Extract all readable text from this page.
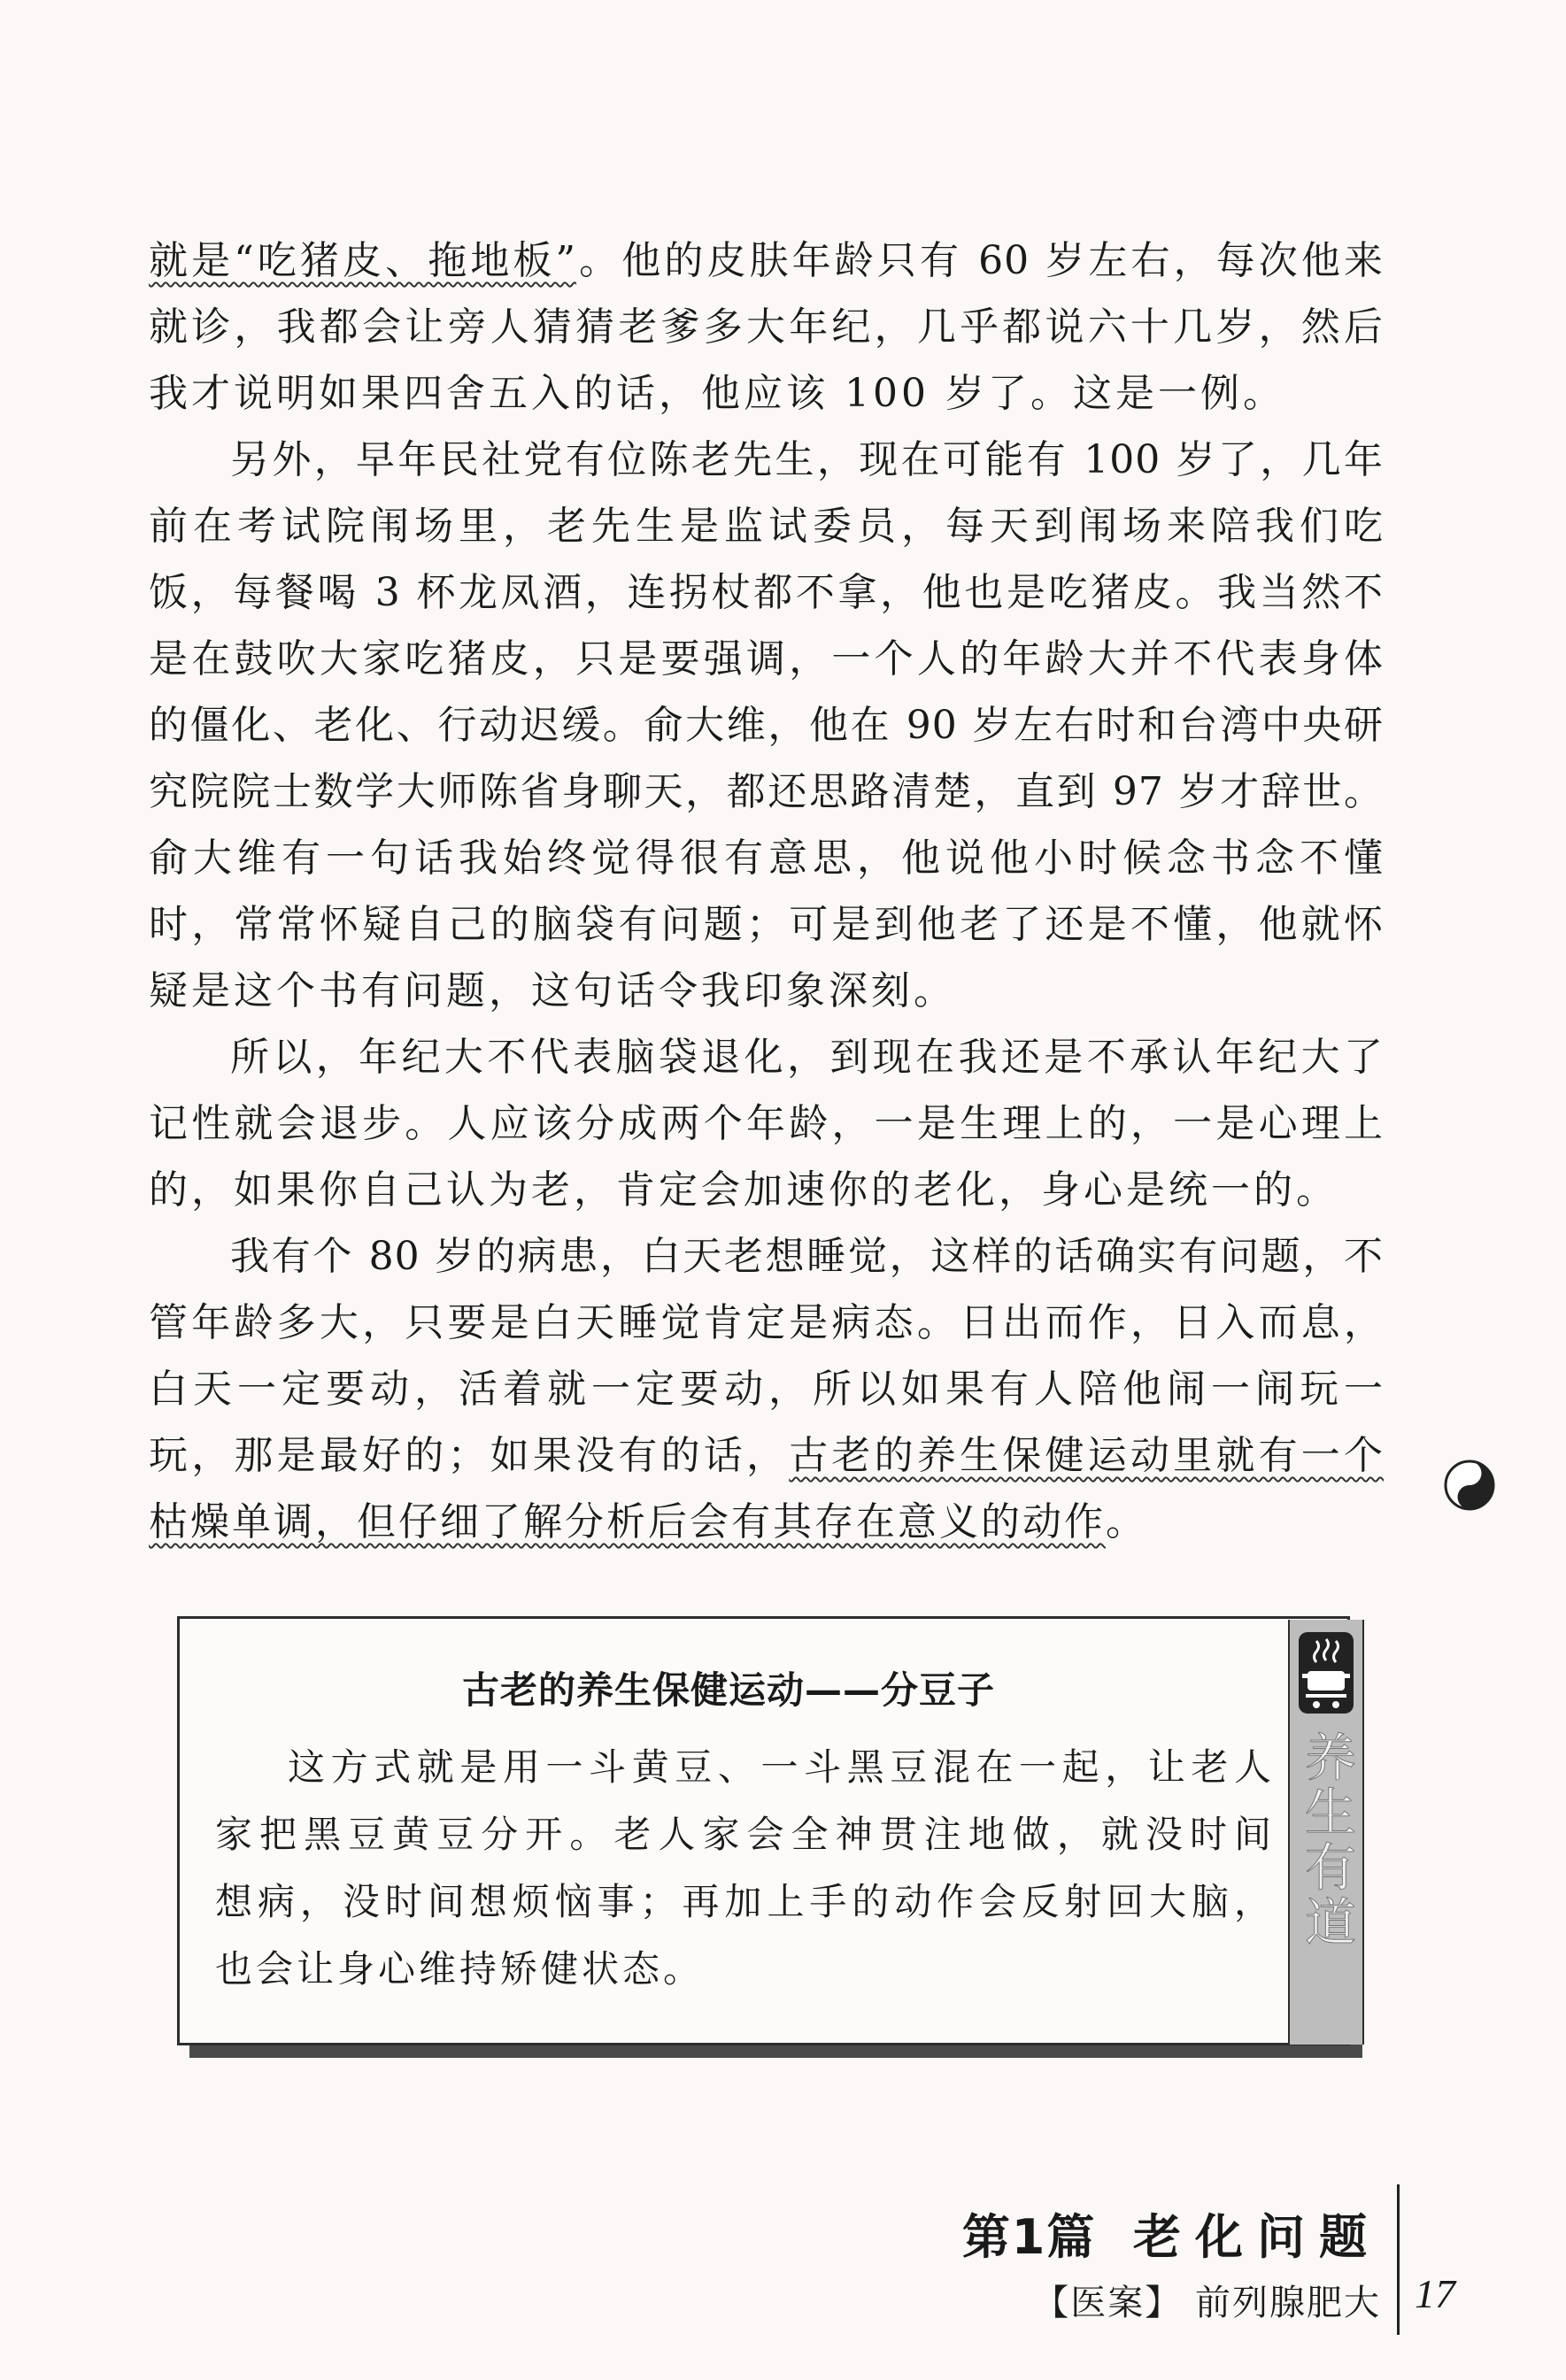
就是“吃猪皮、拖地板”。他的皮肤年龄只有 60 岁左右，每次他来
就诊，我都会让旁人猜猜老爹多大年纪，几乎都说六十几岁，然后
我才说明如果四舍五入的话，他应该 100 岁了。这是一例。
另外，早年民社党有位陈老先生，现在可能有 100 岁了，几年
前在考试院闱场里，老先生是监试委员，每天到闱场来陪我们吃
饭，每餐喝 3 杯龙凤酒，连拐杖都不拿，他也是吃猪皮。我当然不
是在鼓吹大家吃猪皮，只是要强调，一个人的年龄大并不代表身体
的僵化、老化、行动迟缓。俞大维，他在 90 岁左右时和台湾中央研
究院院士数学大师陈省身聊天，都还思路清楚，直到 97 岁才辞世。
俞大维有一句话我始终觉得很有意思，他说他小时候念书念不懂
时，常常怀疑自己的脑袋有问题；可是到他老了还是不懂，他就怀
疑是这个书有问题，这句话令我印象深刻。
所以，年纪大不代表脑袋退化，到现在我还是不承认年纪大了
记性就会退步。人应该分成两个年龄，一是生理上的，一是心理上
的，如果你自己认为老，肯定会加速你的老化，身心是统一的。
我有个 80 岁的病患，白天老想睡觉，这样的话确实有问题，不
管年龄多大，只要是白天睡觉肯定是病态。日出而作，日入而息，
白天一定要动，活着就一定要动，所以如果有人陪他闹一闹玩一
玩，那是最好的；如果没有的话，古老的养生保健运动里就有一个
枯燥单调，但仔细了解分析后会有其存在意义的动作。
古老的养生保健运动——分豆子
这方式就是用一斗黄豆、一斗黑豆混在一起，让老人
家把黑豆黄豆分开。老人家会全神贯注地做，就没时间
想病，没时间想烦恼事；再加上手的动作会反射回大脑，
也会让身心维持矫健状态。
养生有道
第1篇 老化问题
【医案】 前列腺肥大 17
